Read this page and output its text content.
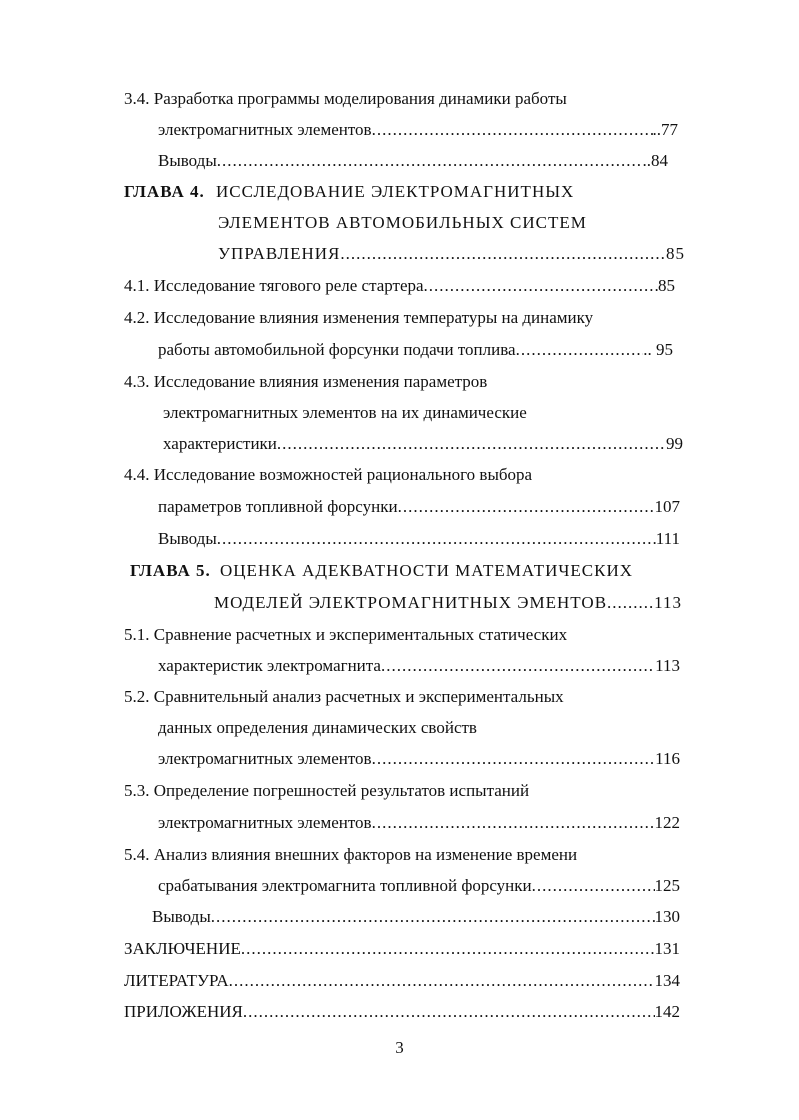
3.4. Разработка программы моделирования динамики работы
электромагнитных элементов .....	..77
Выводы .....	..84
ГЛАВА 4. ИССЛЕДОВАНИЕ ЭЛЕКТРОМАГНИТНЫХ
ЭЛЕМЕНТОВ АВТОМОБИЛЬНЫХ СИСТЕМ
УПРАВЛЕНИЯ .....	85
4.1. Исследование тягового реле стартера .....	85
4.2. Исследование влияния изменения температуры на динамику
работы автомобильной форсунки подачи топлива .....	.. 95
4.3. Исследование влияния изменения параметров
электромагнитных элементов на их динамические
характеристики .....	99
4.4. Исследование возможностей рационального выбора
параметров топливной форсунки .....	107
Выводы .....	111
ГЛАВА 5. ОЦЕНКА АДЕКВАТНОСТИ МАТЕМАТИЧЕСКИХ
МОДЕЛЕЙ ЭЛЕКТРОМАГНИТНЫХ ЭМЕНТОВ .....	113
5.1. Сравнение расчетных и экспериментальных статических
характеристик электромагнита .....	113
5.2. Сравнительный анализ расчетных и экспериментальных
данных определения динамических свойств
электромагнитных элементов .....	116
5.3. Определение погрешностей результатов испытаний
электромагнитных элементов .....	122
5.4. Анализ влияния внешних факторов на изменение времени
срабатывания электромагнита топливной форсунки .....	125
Выводы .....	130
ЗАКЛЮЧЕНИЕ .....	131
ЛИТЕРАТУРА .....	134
ПРИЛОЖЕНИЯ .....	142
3
